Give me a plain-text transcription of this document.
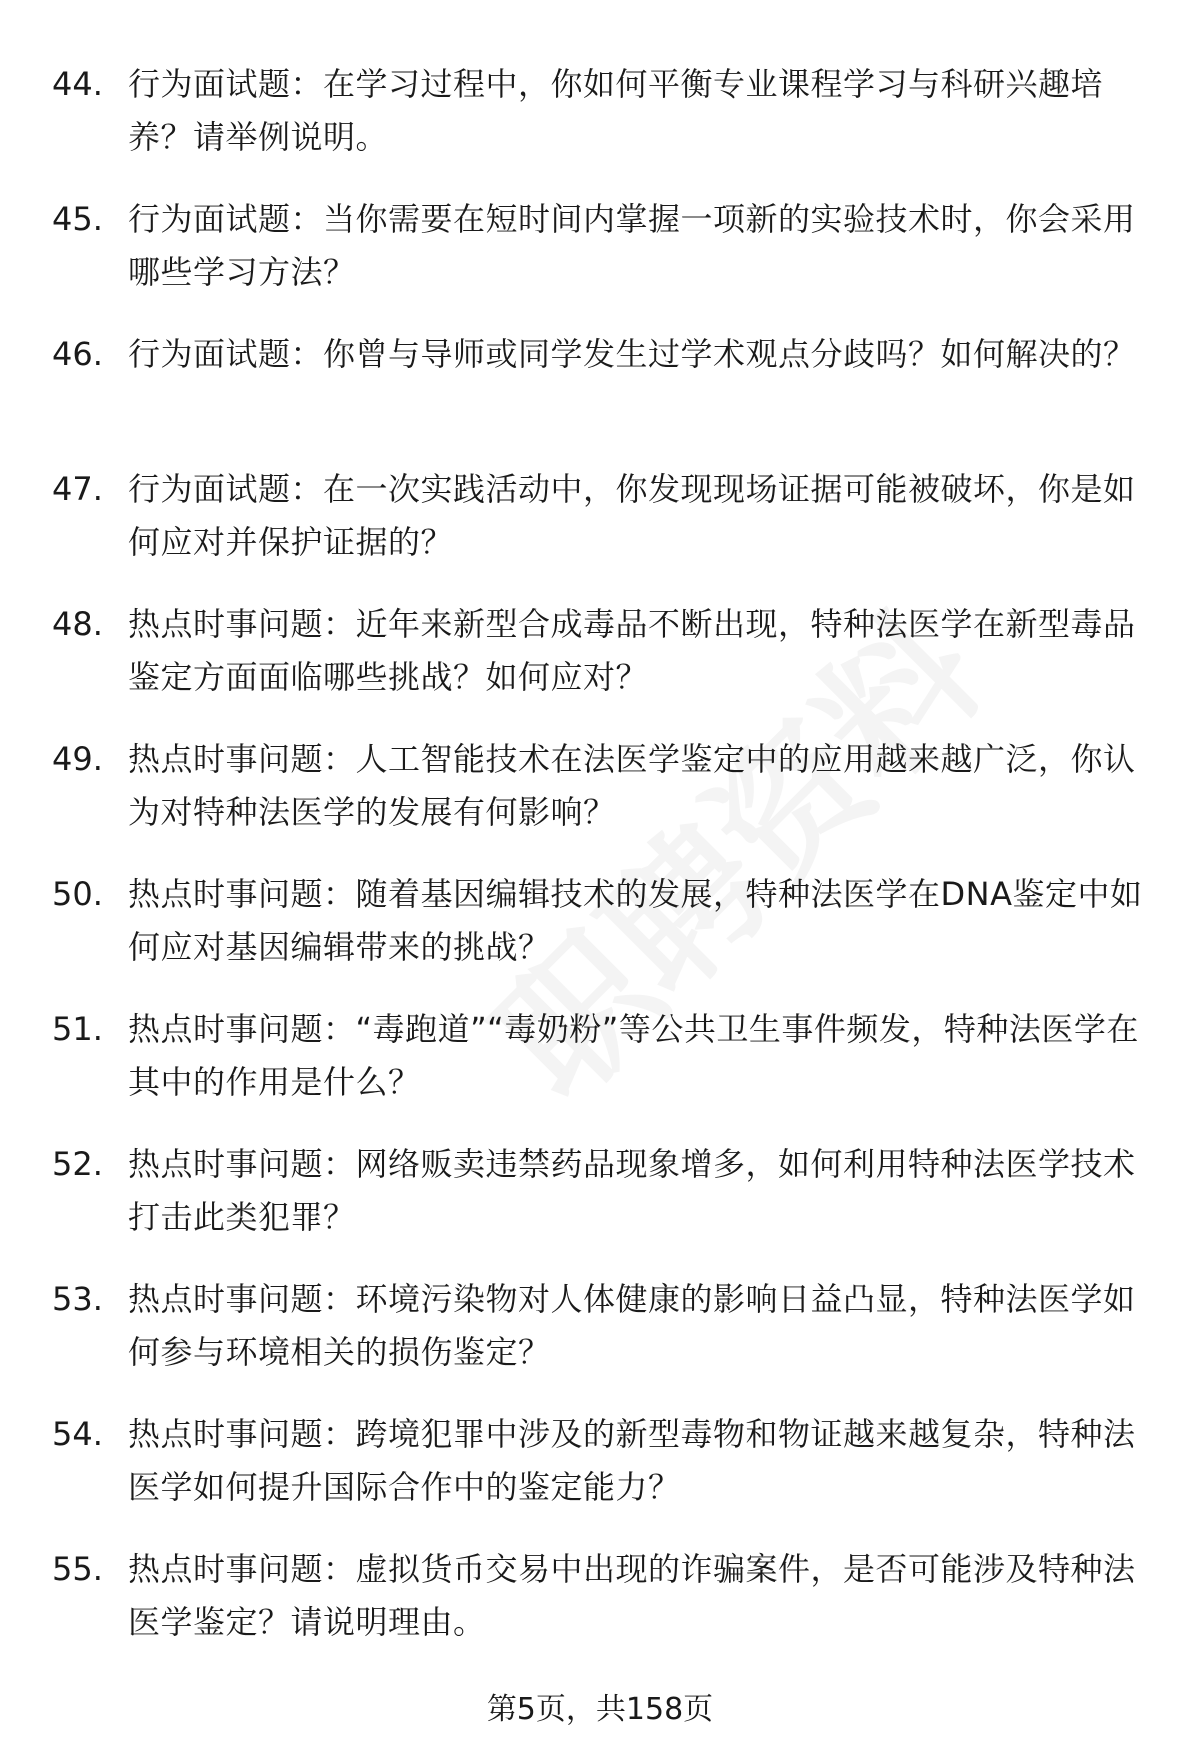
44. 行为面试题：在学习过程中，你如何平衡专业课程学习与科研兴趣培养？请举例说明。
45. 行为面试题：当你需要在短时间内掌握一项新的实验技术时，你会采用哪些学习方法？
46. 行为面试题：你曾与导师或同学发生过学术观点分歧吗？如何解决的？
47. 行为面试题：在一次实践活动中，你发现现场证据可能被破坏，你是如何应对并保护证据的？
48. 热点时事问题：近年来新型合成毒品不断出现，特种法医学在新型毒品鉴定方面面临哪些挑战？如何应对？
49. 热点时事问题：人工智能技术在法医学鉴定中的应用越来越广泛，你认为对特种法医学的发展有何影响？
50. 热点时事问题：随着基因编辑技术的发展，特种法医学在DNA鉴定中如何应对基因编辑带来的挑战？
51. 热点时事问题：“毒跑道”“毒奶粉”等公共卫生事件频发，特种法医学在其中的作用是什么？
52. 热点时事问题：网络贩卖违禁药品现象增多，如何利用特种法医学技术打击此类犯罪？
53. 热点时事问题：环境污染物对人体健康的影响日益凸显，特种法医学如何参与环境相关的损伤鉴定？
54. 热点时事问题：跨境犯罪中涉及的新型毒物和物证越来越复杂，特种法医学如何提升国际合作中的鉴定能力？
55. 热点时事问题：虚拟货币交易中出现的诈骗案件，是否可能涉及特种法医学鉴定？请说明理由。
第5页，共158页
